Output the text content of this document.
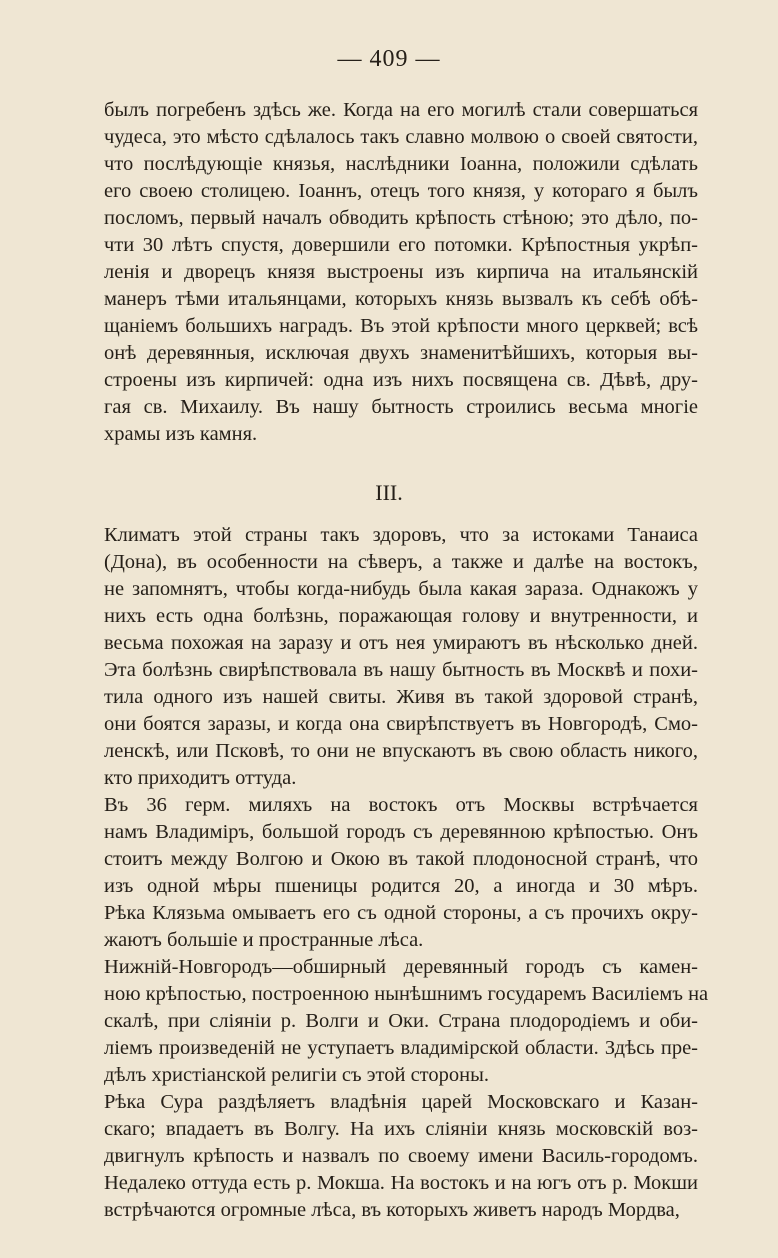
— 409 —
былъ погребенъ здѣсь же. Когда на его могилѣ стали совершаться
чудеса, это мѣсто сдѣлалось такъ славно молвою о своей святости,
что послѣдующіе князья, наслѣдники Іоанна, положили сдѣлать
его своею столицею. Іоаннъ, отецъ того князя, у котораго я былъ
посломъ, первый началъ обводить крѣпость стѣною; это дѣло, по-
чти 30 лѣтъ спустя, довершили его потомки. Крѣпостныя укрѣп-
ленія и дворецъ князя выстроены изъ кирпича на итальянскій
манеръ тѣми итальянцами, которыхъ князь вызвалъ къ себѣ обѣ-
щаніемъ большихъ наградъ. Въ этой крѣпости много церквей; всѣ
онѣ деревянныя, исключая двухъ знаменитѣйшихъ, которыя вы-
строены изъ кирпичей: одна изъ нихъ посвящена св. Дѣвѣ, дру-
гая св. Михаилу. Въ нашу бытность строились весьма многіе
храмы изъ камня.
III.
Климатъ этой страны такъ здоровъ, что за истоками Танаиса
(Дона), въ особенности на сѣверъ, а также и далѣе на востокъ,
не запомнятъ, чтобы когда-нибудь была какая зараза. Однакожъ у
нихъ есть одна болѣзнь, поражающая голову и внутренности, и
весьма похожая на заразу и отъ нея умираютъ въ нѣсколько дней.
Эта болѣзнь свирѣпствовала въ нашу бытность въ Москвѣ и похи-
тила одного изъ нашей свиты. Живя въ такой здоровой странѣ,
они боятся заразы, и когда она свирѣпствуетъ въ Новгородѣ, Смо-
ленскѣ, или Псковѣ, то они не впускаютъ въ свою область никого,
кто приходитъ оттуда.
Въ 36 герм. миляхъ на востокъ отъ Москвы встрѣчается
намъ Владиміръ, большой городъ съ деревянною крѣпостью. Онъ
стоитъ между Волгою и Окою въ такой плодоносной странѣ, что
изъ одной мѣры пшеницы родится 20, а иногда и 30 мѣръ.
Рѣка Клязьма омываетъ его съ одной стороны, а съ прочихъ окру-
жаютъ большіе и пространные лѣса.
Нижній-Новгородъ—обширный деревянный городъ съ камен-
ною крѣпостью, построенною нынѣшнимъ государемъ Василіемъ на
скалѣ, при сліяніи р. Волги и Оки. Страна плодородіемъ и оби-
ліемъ произведеній не уступаетъ владимірской области. Здѣсь пре-
дѣлъ христіанской религіи съ этой стороны.
Рѣка Сура раздѣляетъ владѣнія царей Московскаго и Казан-
скаго; впадаетъ въ Волгу. На ихъ сліяніи князь московскій воз-
двигнулъ крѣпость и назвалъ по своему имени Василь-городомъ.
Недалеко оттуда есть р. Мокша. На востокъ и на югъ отъ р. Мокши
встрѣчаются огромные лѣса, въ которыхъ живетъ народъ Мордва,
